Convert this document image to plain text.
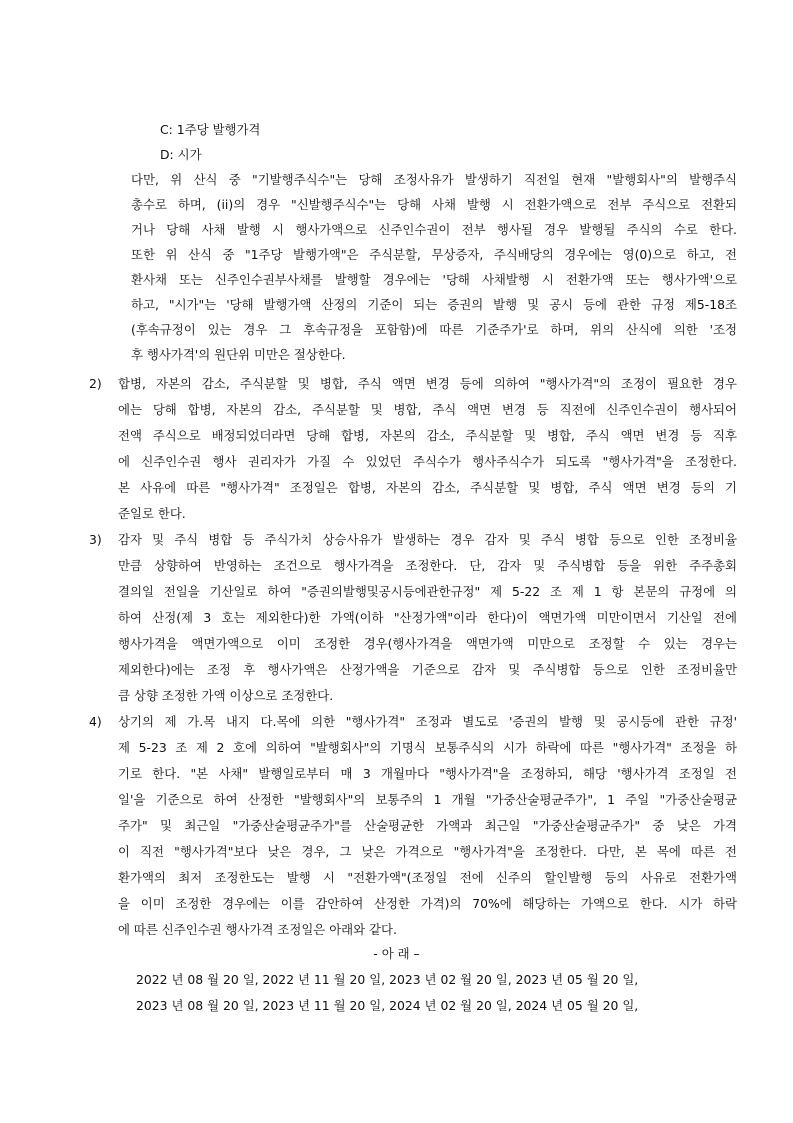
C: 1주당 발행가격
D: 시가
다만, 위 산식 중 "기발행주식수"는 당해 조정사유가 발생하기 직전일 현재 "발행회사"의 발행주식
총수로 하며, (ii)의 경우 "신발행주식수"는 당해 사채 발행 시 전환가액으로 전부 주식으로 전환되
거나 당해 사채 발행 시 행사가액으로 신주인수권이 전부 행사될 경우 발행될 주식의 수로 한다.
또한 위 산식 중 "1주당 발행가액"은 주식분할, 무상증자, 주식배당의 경우에는 영(0)으로 하고, 전
환사채 또는 신주인수권부사채를 발행할 경우에는 '당해 사채발행 시 전환가액 또는 행사가액'으로
하고, "시가"는 '당해 발행가액 산정의 기준이 되는 증권의 발행 및 공시 등에 관한 규정 제5-18조
(후속규정이 있는 경우 그 후속규정을 포함함)에 따른 기준주가'로 하며, 위의 산식에 의한 '조정
후 행사가격'의 원단위 미만은 절상한다.
2) 합병, 자본의 감소, 주식분할 및 병합, 주식 액면 변경 등에 의하여 "행사가격"의 조정이 필요한 경우
에는 당해 합병, 자본의 감소, 주식분할 및 병합, 주식 액면 변경 등 직전에 신주인수권이 행사되어
전액 주식으로 배정되었더라면 당해 합병, 자본의 감소, 주식분할 및 병합, 주식 액면 변경 등 직후
에 신주인수권 행사 권리자가 가질 수 있었던 주식수가 행사주식수가 되도록 "행사가격"을 조정한다.
본 사유에 따른 "행사가격" 조정일은 합병, 자본의 감소, 주식분할 및 병합, 주식 액면 변경 등의 기
준일로 한다.
3) 감자 및 주식 병합 등 주식가치 상승사유가 발생하는 경우 감자 및 주식 병합 등으로 인한 조정비율
만큼 상향하여 반영하는 조건으로 행사가격을 조정한다. 단, 감자 및 주식병합 등을 위한 주주총회
결의일 전일을 기산일로 하여 "증권의발행및공시등에관한규정" 제 5-22 조 제 1 항 본문의 규정에 의
하여 산정(제 3 호는 제외한다)한 가액(이하 "산정가액"이라 한다)이 액면가액 미만이면서 기산일 전에
행사가격을 액면가액으로 이미 조정한 경우(행사가격을 액면가액 미만으로 조정할 수 있는 경우는
제외한다)에는 조정 후 행사가액은 산정가액을 기준으로 감자 및 주식병합 등으로 인한 조정비율만
큼 상향 조정한 가액 이상으로 조정한다.
4) 상기의 제 가.목 내지 다.목에 의한 "행사가격" 조정과 별도로 '증권의 발행 및 공시등에 관한 규정'
제 5-23 조 제 2 호에 의하여 "발행회사"의 기명식 보통주식의 시가 하락에 따른 "행사가격" 조정을 하
기로 한다. "본 사채" 발행일로부터 매 3 개월마다 "행사가격"을 조정하되, 해당 '행사가격 조정일 전
일'을 기준으로 하여 산정한 "발행회사"의 보통주의 1 개월 "가중산술평균주가", 1 주일 "가중산술평균
주가" 및 최근일 "가중산술평균주가"를 산술평균한 가액과 최근일 "가중산술평균주가" 중 낮은 가격
이 직전 "행사가격"보다 낮은 경우, 그 낮은 가격으로 "행사가격"을 조정한다. 다만, 본 목에 따른 전
환가액의 최저 조정한도는 발행 시 "전환가액"(조정일 전에 신주의 할인발행 등의 사유로 전환가액
을 이미 조정한 경우에는 이를 감안하여 산정한 가격)의 70%에 해당하는 가액으로 한다. 시가 하락
에 따른 신주인수권 행사가격 조정일은 아래와 같다.
- 아 래 –
2022 년 08 월 20 일, 2022 년 11 월 20 일, 2023 년 02 월 20 일, 2023 년 05 월 20 일,
2023 년 08 월 20 일, 2023 년 11 월 20 일, 2024 년 02 월 20 일, 2024 년 05 월 20 일,
